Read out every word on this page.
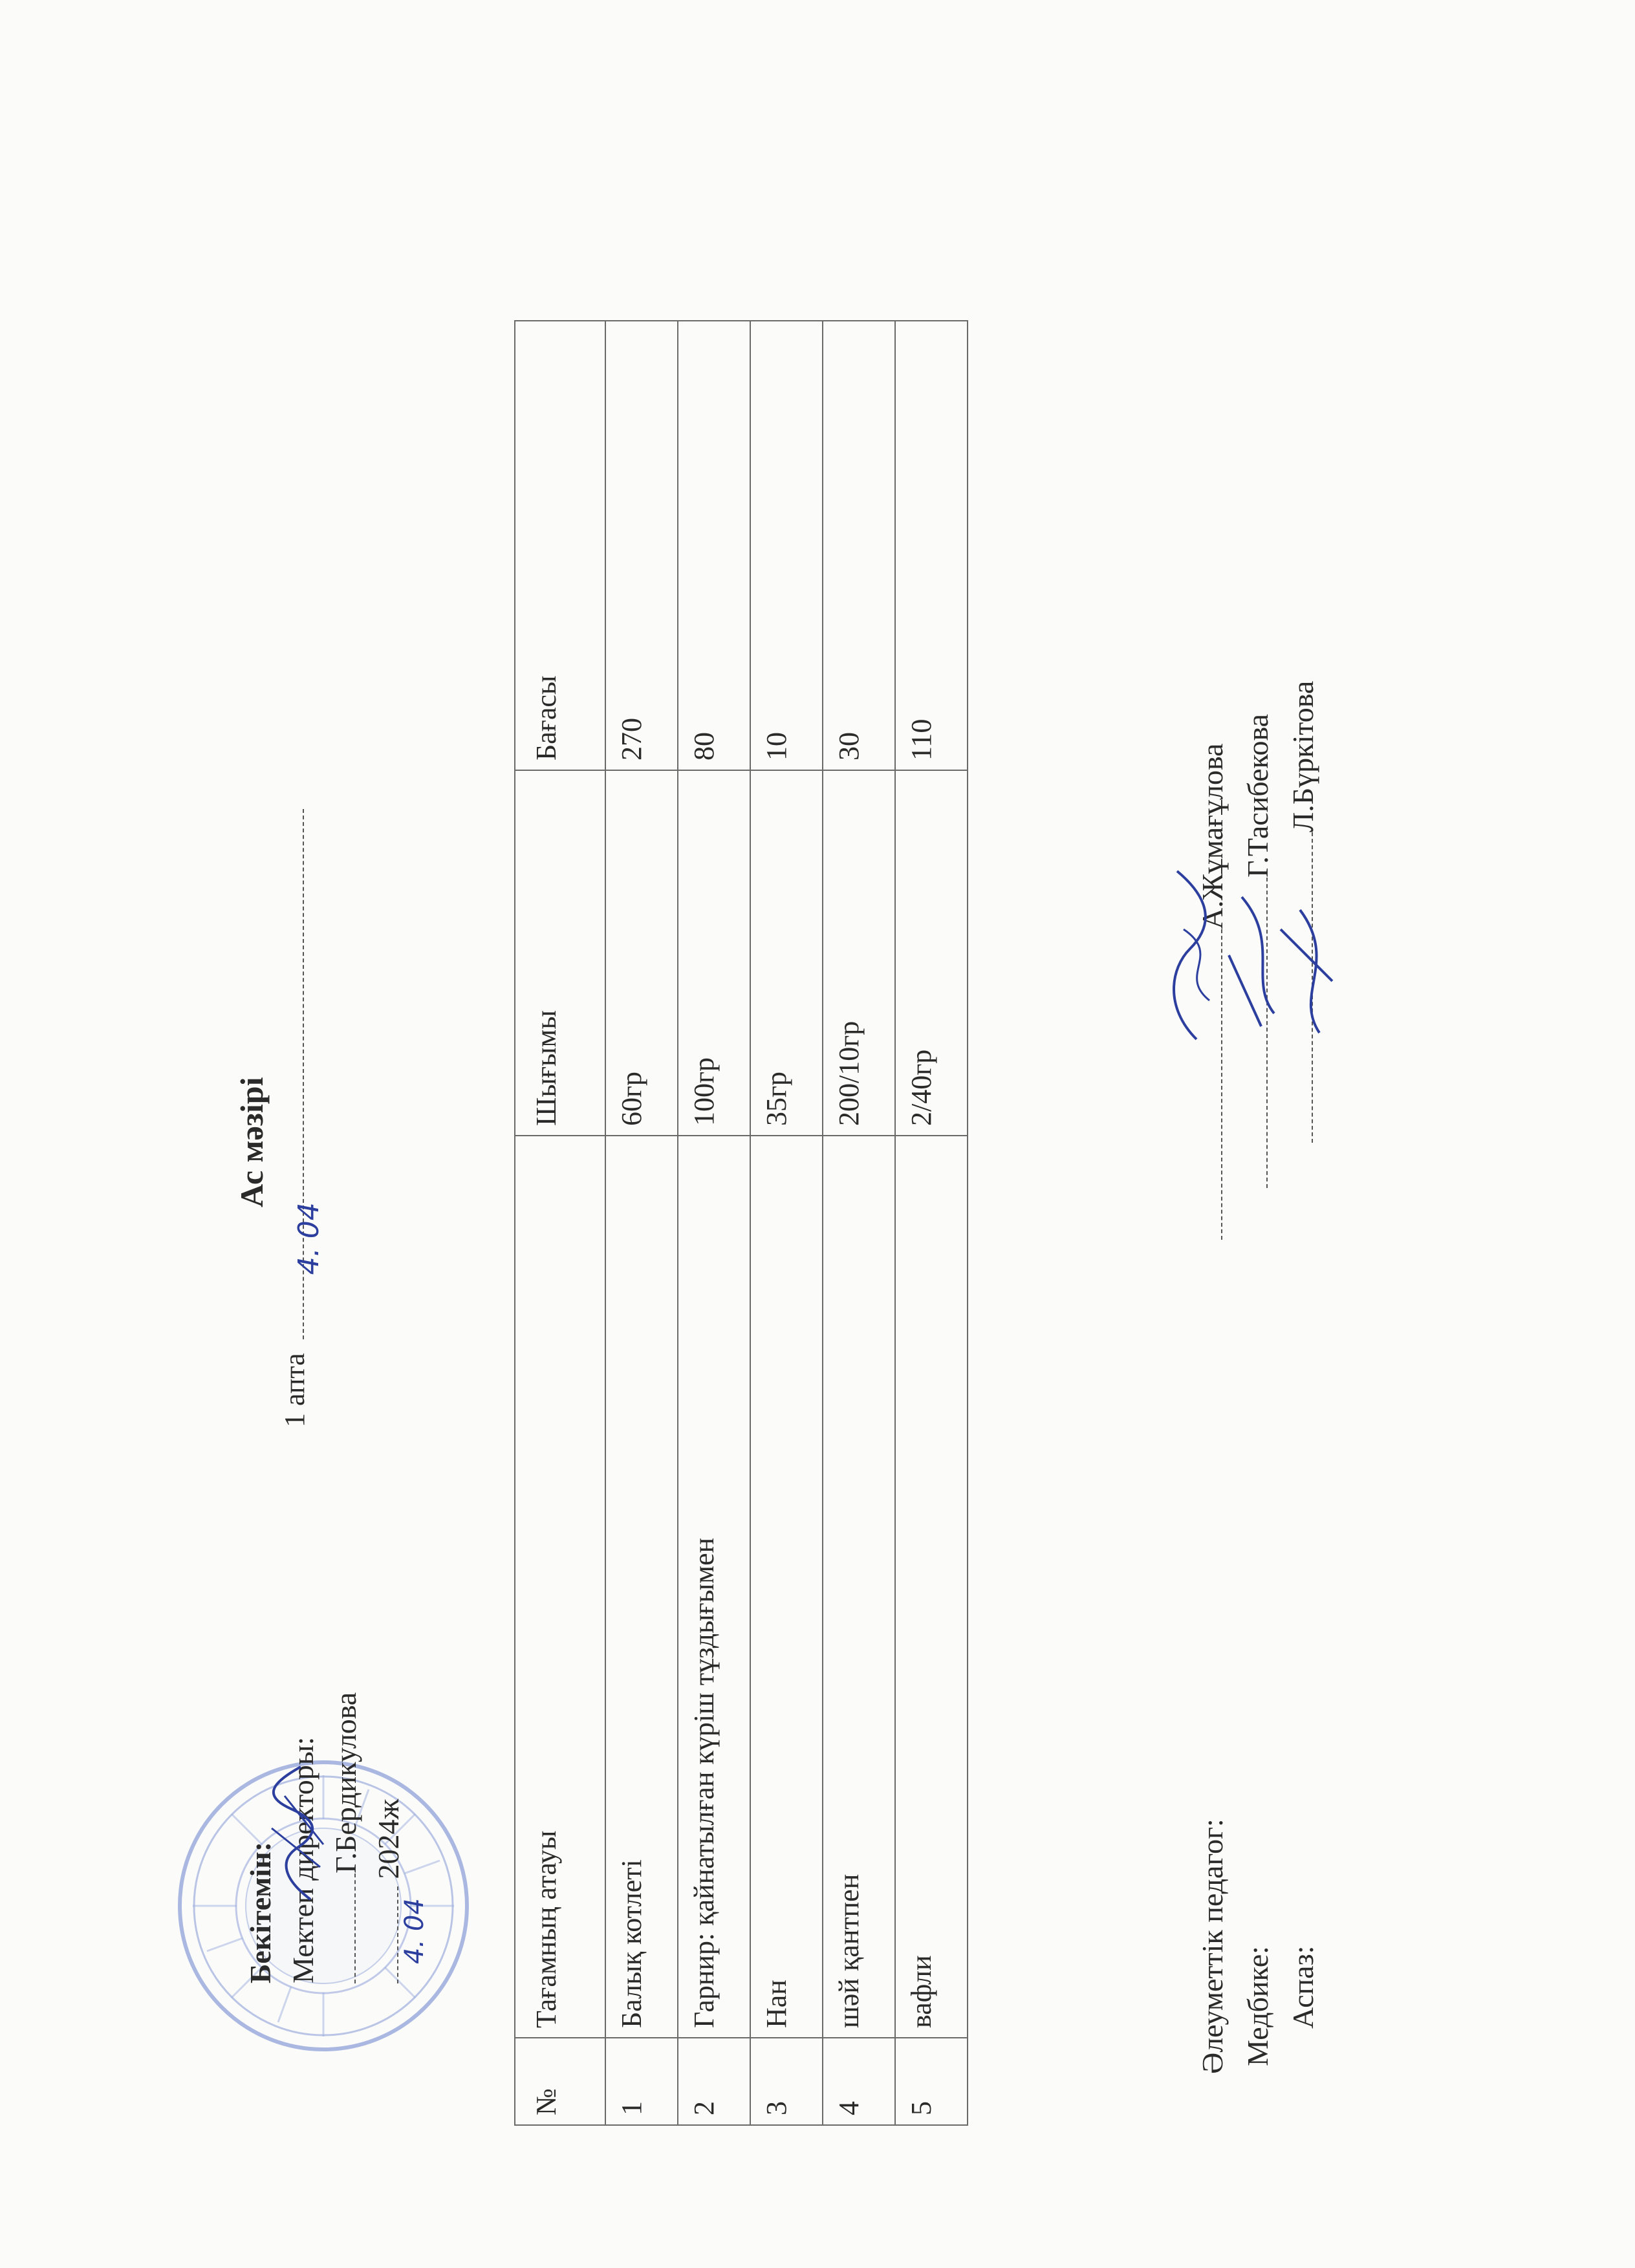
Бекітемін: Мектеп директоры: Г.Бердикулова
4. 04
2024ж
Ас мәзірі
1 апта
4. 04
№	Тағамның атауы	Шығымы	Бағасы
1	Балық котлеті	60гр	270
2	Гарнир: қайнатылған күріш тұздығымен	100гр	80
3	Нан	35гр	10
4	шәй қантпен	200/10гр	30
5	вафли	2/40гр	110
Әлеуметтік педагог: Медбике: Аспаз:
А.Жұмағұлова Г.Тасибекова Л.Бүркітова
